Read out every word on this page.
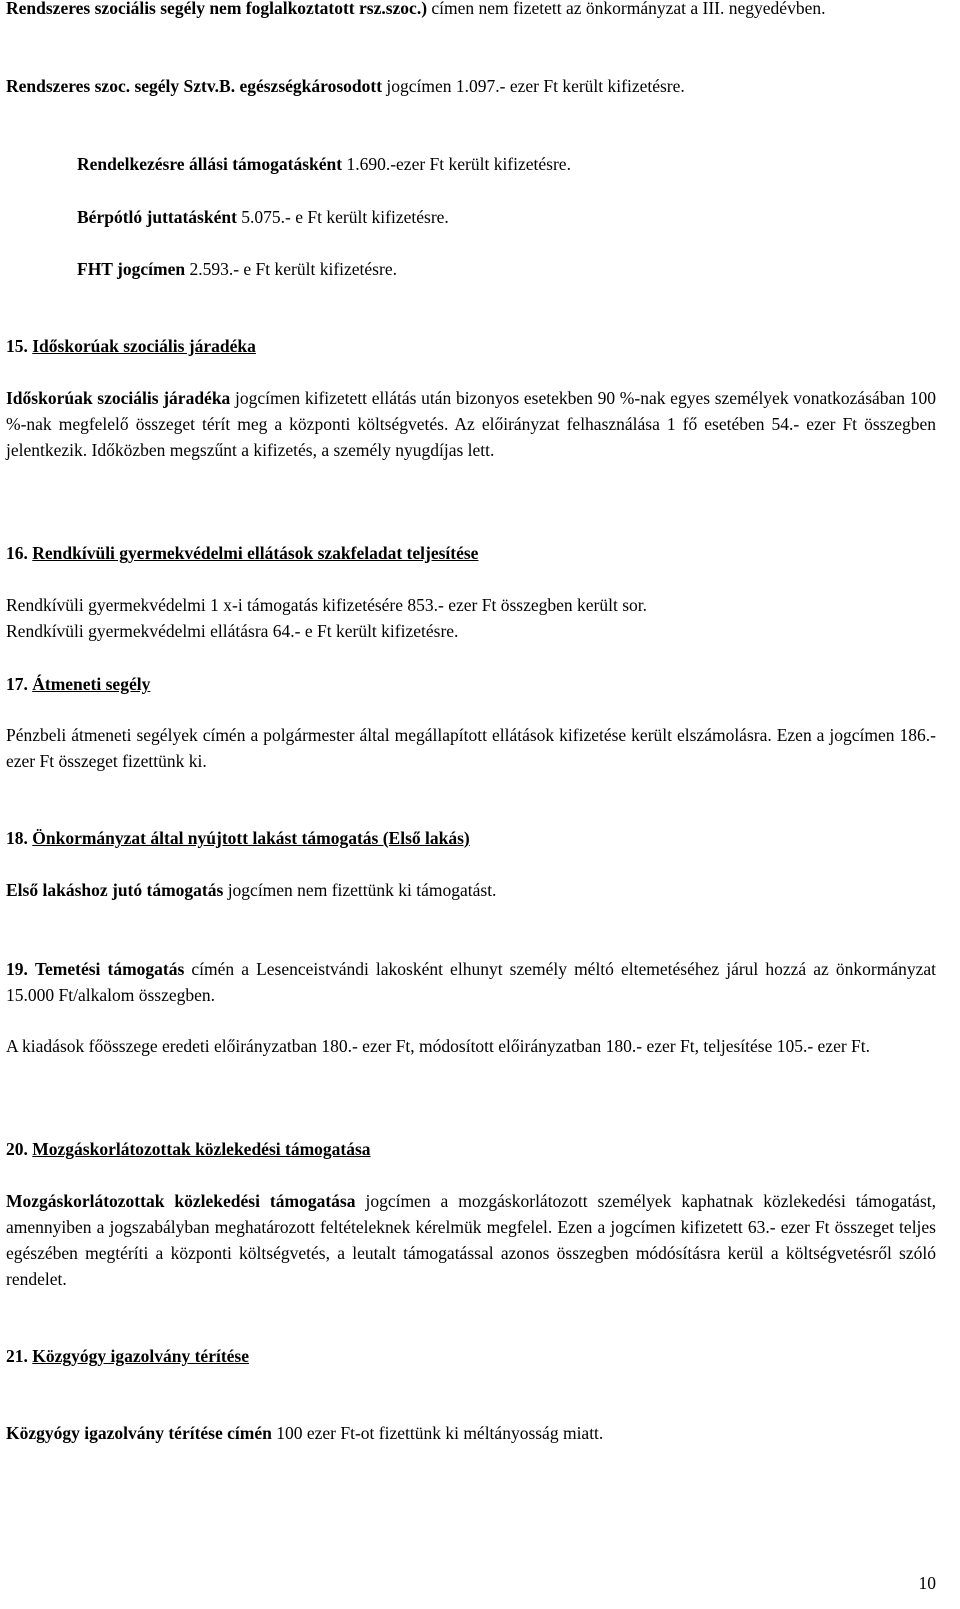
Rendszeres szociális segély nem foglalkoztatott rsz.szoc.) címen nem fizetett az önkormányzat a III. negyedévben.

Rendszeres szoc. segély Sztv.B. egészségkárosodott jogcímen 1.097.- ezer Ft került kifizetésre.

Rendelkezésre állási támogatásként 1.690.-ezer Ft került kifizetésre.

Bérpótló juttatásként 5.075.- e Ft került kifizetésre.

FHT jogcímen 2.593.- e Ft került kifizetésre.

15. Időskorúak szociális járadéka

Időskorúak szociális járadéka jogcímen kifizetett ellátás után bizonyos esetekben 90 %-nak egyes személyek vonatkozásában 100 %-nak megfelelő összeget térít meg a központi költségvetés. Az előirányzat felhasználása 1 fő esetében 54.- ezer Ft összegben jelentkezik. Időközben megszűnt a kifizetés, a személy nyugdíjas lett.

16. Rendkívüli gyermekvédelmi ellátások szakfeladat teljesítése

Rendkívüli gyermekvédelmi 1 x-i támogatás kifizetésére 853.- ezer Ft összegben került sor.

Rendkívüli gyermekvédelmi ellátásra 64.- e Ft került kifizetésre.

17. Átmeneti segély

Pénzbeli átmeneti segélyek címén a polgármester által megállapított ellátások kifizetése került elszámolásra. Ezen a jogcímen 186.- ezer Ft összeget fizettünk ki.

18. Önkormányzat által nyújtott lakást támogatás (Első lakás)

Első lakáshoz jutó támogatás jogcímen nem fizettünk ki támogatást.

19. Temetési támogatás címén a Lesenceistvándi lakosként elhunyt személy méltó eltemetéséhez járul hozzá az önkormányzat 15.000 Ft/alkalom összegben.

A kiadások főösszege eredeti előirányzatban 180.- ezer Ft, módosított előirányzatban 180.- ezer Ft, teljesítése 105.- ezer Ft.

20. Mozgáskorlátozottak közlekedési támogatása

Mozgáskorlátozottak közlekedési támogatása jogcímen a mozgáskorlátozott személyek kaphatnak közlekedési támogatást, amennyiben a jogszabályban meghatározott feltételeknek kérelmük megfelel. Ezen a jogcímen kifizetett 63.- ezer Ft összeget teljes egészében megtéríti a központi költségvetés, a leutalt támogatással azonos összegben módósításra kerül a költségvetésről szóló rendelet.

21. Közgyógy igazolvány térítése

Közgyógy igazolvány térítése címén 100 ezer Ft-ot fizettünk ki méltányosság miatt.

10
